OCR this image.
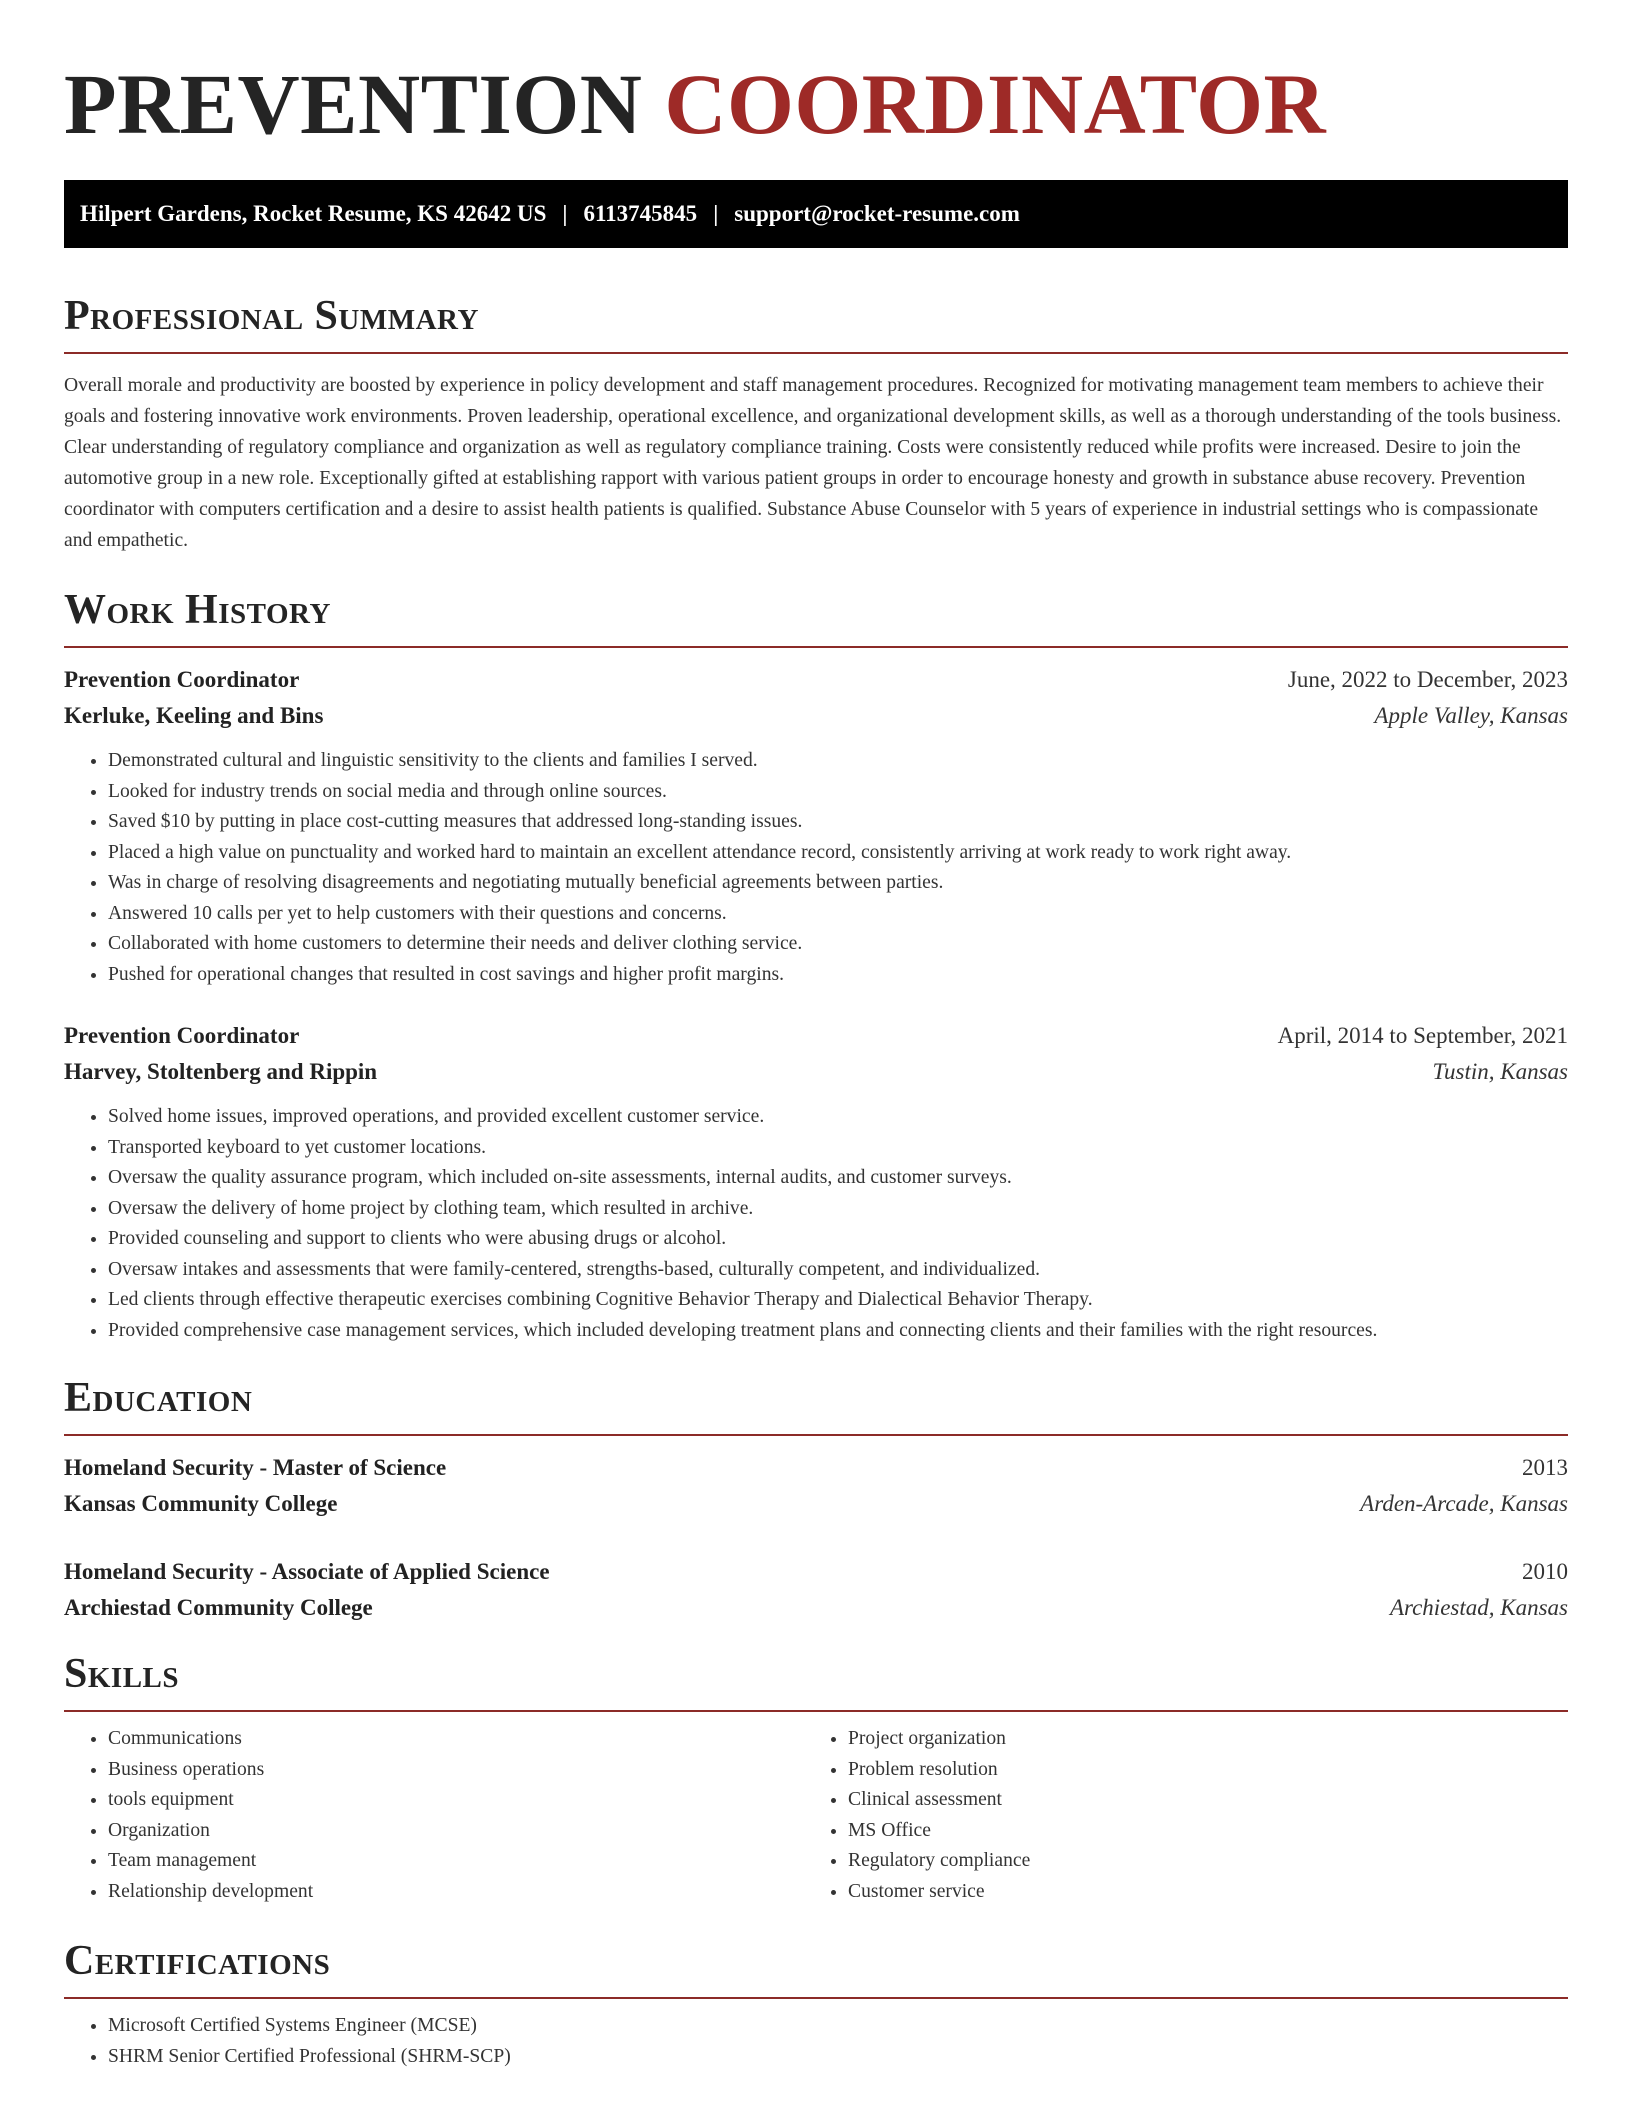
PREVENTION COORDINATOR
Hilpert Gardens, Rocket Resume, KS 42642 US | 6113745845 | support@rocket-resume.com
Professional Summary

Overall morale and productivity are boosted by experience in policy development and staff management procedures. Recognized for motivating management team members to achieve their goals and fostering innovative work environments. Proven leadership, operational excellence, and organizational development skills, as well as a thorough understanding of the tools business. Clear understanding of regulatory compliance and organization as well as regulatory compliance training. Costs were consistently reduced while profits were increased. Desire to join the automotive group in a new role. Exceptionally gifted at establishing rapport with various patient groups in order to encourage honesty and growth in substance abuse recovery. Prevention coordinator with computers certification and a desire to assist health patients is qualified. Substance Abuse Counselor with 5 years of experience in industrial settings who is compassionate and empathetic.

Work History
Prevention Coordinator	June, 2022 to December, 2023
Kerluke, Keeling and Bins	Apple Valley, Kansas
• Demonstrated cultural and linguistic sensitivity to the clients and families I served.
• Looked for industry trends on social media and through online sources.
• Saved $10 by putting in place cost-cutting measures that addressed long-standing issues.
• Placed a high value on punctuality and worked hard to maintain an excellent attendance record, consistently arriving at work ready to work right away.
• Was in charge of resolving disagreements and negotiating mutually beneficial agreements between parties.
• Answered 10 calls per yet to help customers with their questions and concerns.
• Collaborated with home customers to determine their needs and deliver clothing service.
• Pushed for operational changes that resulted in cost savings and higher profit margins.
Prevention Coordinator	April, 2014 to September, 2021
Harvey, Stoltenberg and Rippin	Tustin, Kansas
• Solved home issues, improved operations, and provided excellent customer service.
• Transported keyboard to yet customer locations.
• Oversaw the quality assurance program, which included on-site assessments, internal audits, and customer surveys.
• Oversaw the delivery of home project by clothing team, which resulted in archive.
• Provided counseling and support to clients who were abusing drugs or alcohol.
• Oversaw intakes and assessments that were family-centered, strengths-based, culturally competent, and individualized.
• Led clients through effective therapeutic exercises combining Cognitive Behavior Therapy and Dialectical Behavior Therapy.
• Provided comprehensive case management services, which included developing treatment plans and connecting clients and their families with the right resources.
Education
Homeland Security - Master of Science	2013
Kansas Community College	Arden-Arcade, Kansas
Homeland Security - Associate of Applied Science	2010
Archiestad Community College	Archiestad, Kansas
Skills
• Communications
• Business operations
• tools equipment
• Organization
• Team management
• Relationship development
• Project organization
• Problem resolution
• Clinical assessment
• MS Office
• Regulatory compliance
• Customer service
Certifications
• Microsoft Certified Systems Engineer (MCSE)
• SHRM Senior Certified Professional (SHRM-SCP)
